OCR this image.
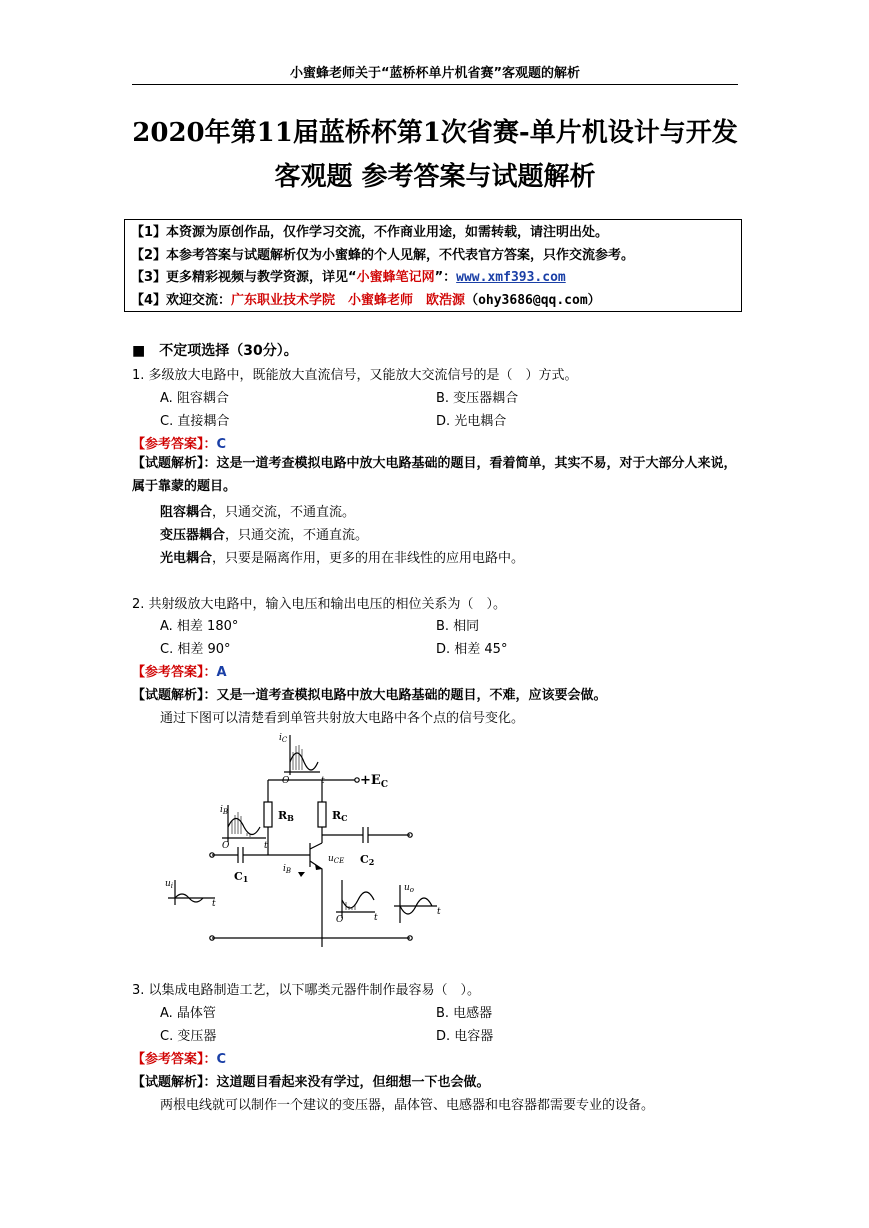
小蜜蜂老师关于“蓝桥杯单片机省赛”客观题的解析
2020年第11届蓝桥杯第1次省赛-单片机设计与开发
客观题 参考答案与试题解析
【1】本资源为原创作品，仅作学习交流，不作商业用途，如需转载，请注明出处。
【2】本参考答案与试题解析仅为小蜜蜂的个人见解，不代表官方答案，只作交流参考。
【3】更多精彩视频与教学资源，详见“小蜜蜂笔记网”：www.xmf393.com
【4】欢迎交流：广东职业技术学院　小蜜蜂老师　欧浩源（ohy3686@qq.com）
■　不定项选择（30分）。
1. 多级放大电路中，既能放大直流信号，又能放大交流信号的是（　）方式。
A. 阻容耦合	B. 变压器耦合
C. 直接耦合	D. 光电耦合
【参考答案】：C
【试题解析】：这是一道考查模拟电路中放大电路基础的题目，看着简单，其实不易，对于大部分人来说，属于靠蒙的题目。
阻容耦合，只通交流，不通直流。
变压器耦合，只通交流，不通直流。
光电耦合，只要是隔离作用，更多的用在非线性的应用电路中。
2. 共射级放大电路中，输入电压和输出电压的相位关系为（　）。
A. 相差 180°	B. 相同
C. 相差 90°	D. 相差 45°
【参考答案】：A
【试题解析】：又是一道考查模拟电路中放大电路基础的题目，不难，应该要会做。
通过下图可以清楚看到单管共射放大电路中各个点的信号变化。
$+E_C$
RB	RC
C1
C2
$i_C$
$i_B$
$i_B$
$u_{CE}$
$u_i$	$u_o$
O
O
O
t
t
t
t
t
3. 以集成电路制造工艺，以下哪类元器件制作最容易（　）。
A. 晶体管	B. 电感器
C. 变压器	D. 电容器
【参考答案】：C
【试题解析】：这道题目看起来没有学过，但细想一下也会做。
两根电线就可以制作一个建议的变压器，晶体管、电感器和电容器都需要专业的设备。
